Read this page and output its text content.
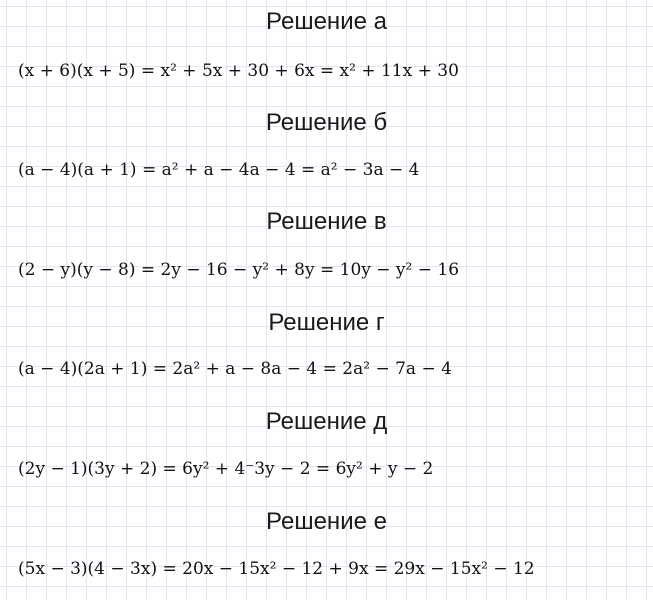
Решение а
(x + 6)(x + 5) = x² + 5x + 30 + 6x = x² + 11x + 30
Решение б
(a − 4)(a + 1) = a² + a − 4a − 4 = a² − 3a − 4
Решение в
(2 − y)(y − 8) = 2y − 16 − y² + 8y = 10y − y² − 16
Решение г
(a − 4)(2a + 1) = 2a² + a − 8a − 4 = 2a² − 7a − 4
Решение д
(2y − 1)(3y + 2) = 6y² + 4⁻3y − 2 = 6y² + y − 2
Решение е
(5x − 3)(4 − 3x) = 20x − 15x² − 12 + 9x = 29x − 15x² − 12
